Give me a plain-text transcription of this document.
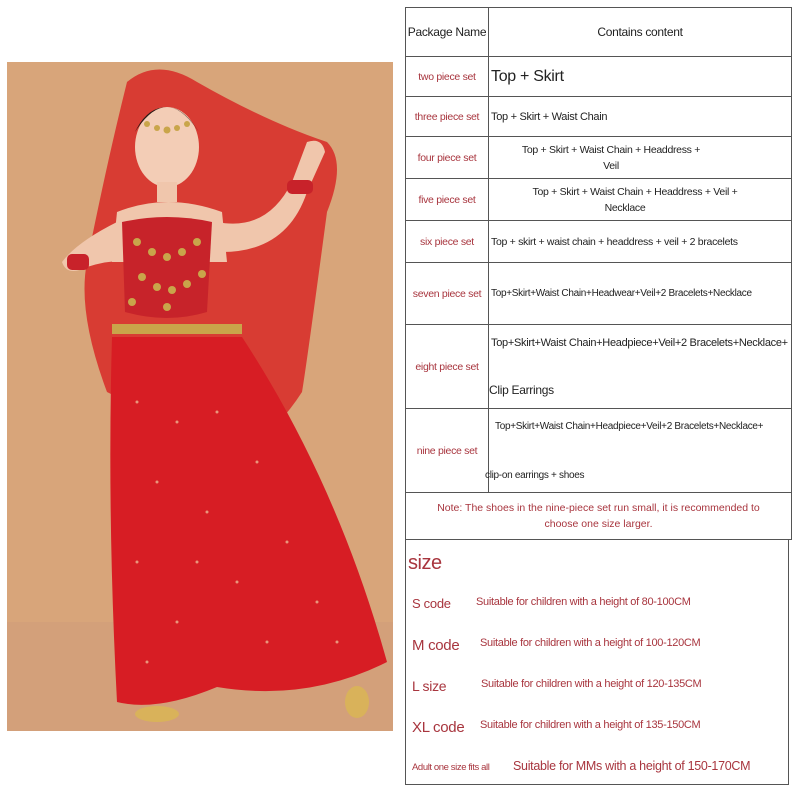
Package Name	Contains content
two piece set	Top + Skirt
three piece set	Top + Skirt + Waist Chain
four piece set	Top + Skirt + Waist Chain + Headdress +
Veil

five piece set	Top + Skirt + Waist Chain + Headdress + Veil +
Necklace

six piece set	Top + skirt + waist chain + headdress + veil + 2 bracelets
seven piece set	Top+Skirt+Waist Chain+Headwear+Veil+2 Bracelets+Necklace
eight piece set	Top+Skirt+Waist Chain+Headpiece+Veil+2 Bracelets+Necklace+
Clip Earrings

nine piece set	Top+Skirt+Waist Chain+Headpiece+Veil+2 Bracelets+Necklace+
clip-on earrings + shoes

Note: The shoes in the nine-piece set run small, it is recommended to choose one size larger.	
size
S code Suitable for children with a height of 80-100CM
M code Suitable for children with a height of 100-120CM
L size	Suitable for children with a height of 120-135CM
XL code Suitable for children with a height of 135-150CM
Adult one size fits all Suitable for MMs with a height of 150-170CM
